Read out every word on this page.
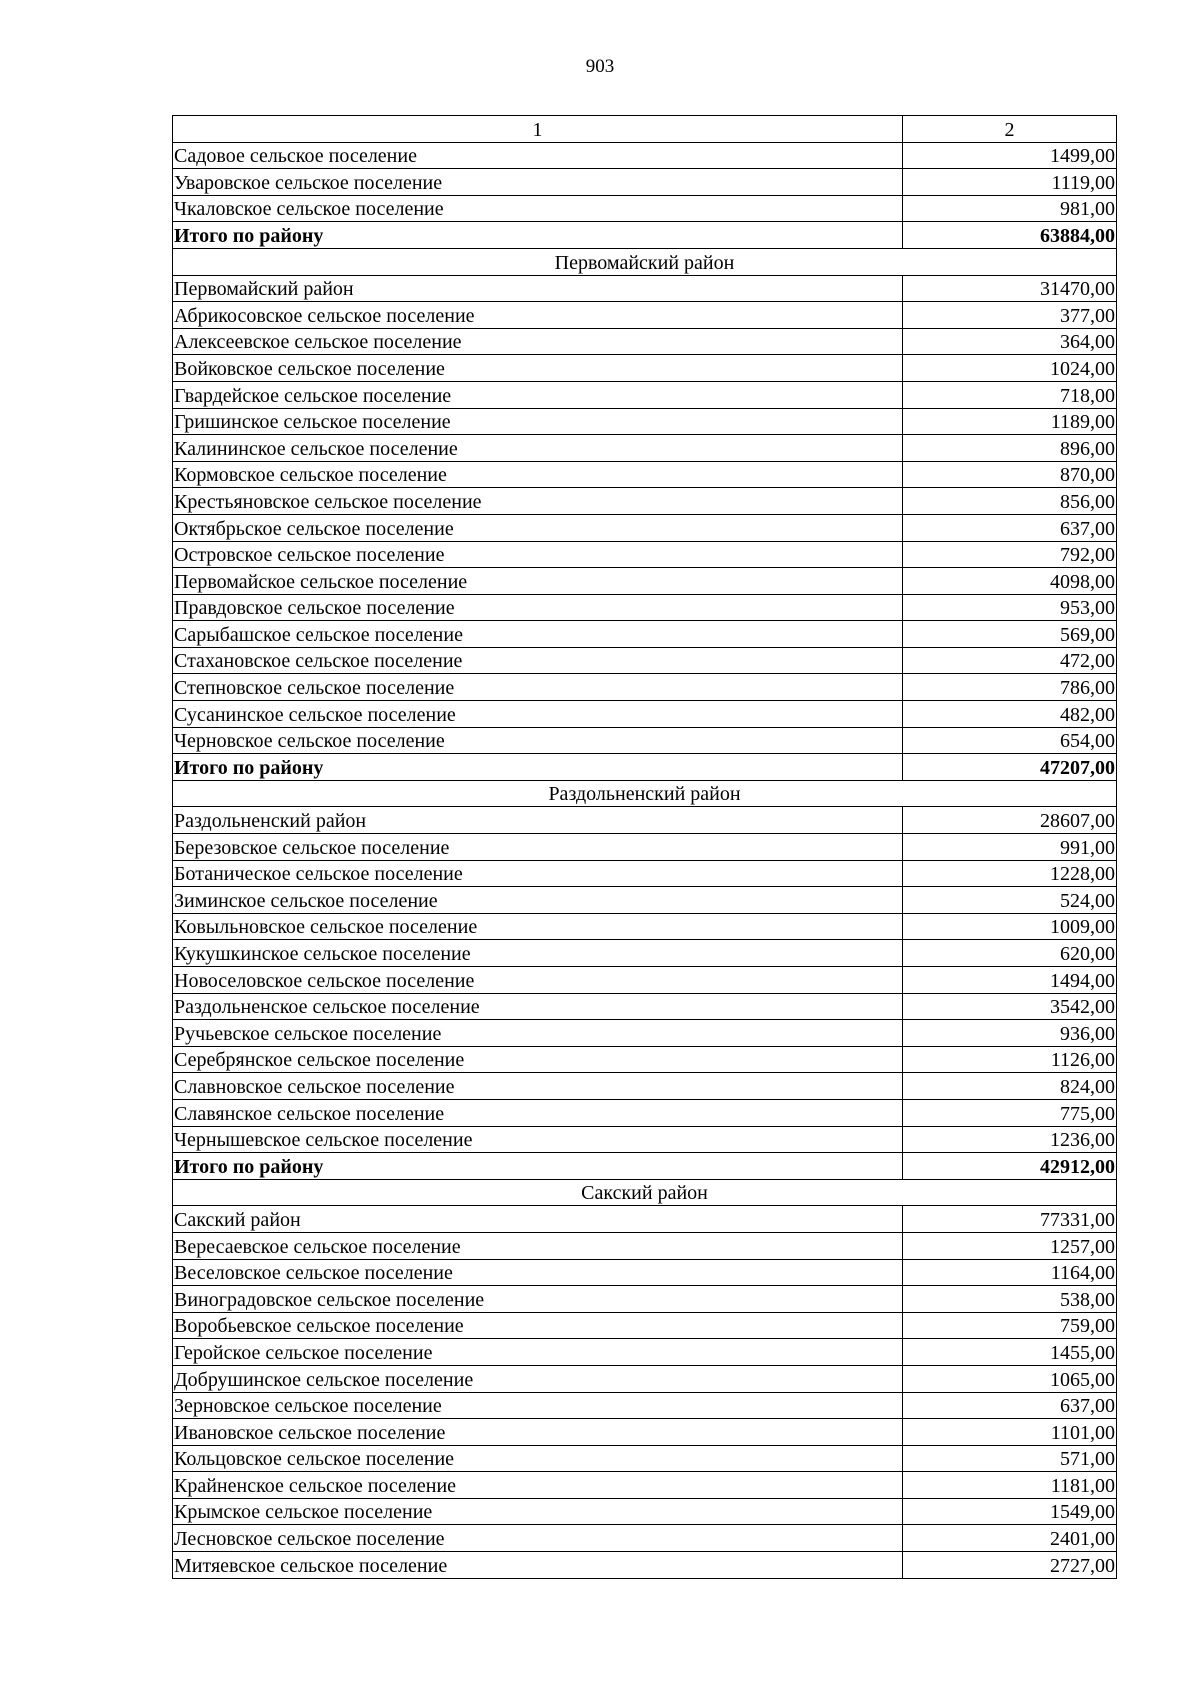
903
1	2
Садовое сельское поселение	1499,00
Уваровское сельское поселение	1119,00
Чкаловское сельское поселение	981,00
Итого по району	63884,00
Первомайский район	
Первомайский район	31470,00
Абрикосовское сельское поселение	377,00
Алексеевское сельское поселение	364,00
Войковское сельское поселение	1024,00
Гвардейское сельское поселение	718,00
Гришинское сельское поселение	1189,00
Калининское сельское поселение	896,00
Кормовское сельское поселение	870,00
Крестьяновское сельское поселение	856,00
Октябрьское сельское поселение	637,00
Островское сельское поселение	792,00
Первомайское сельское поселение	4098,00
Правдовское сельское поселение	953,00
Сарыбашское сельское поселение	569,00
Стахановское сельское поселение	472,00
Степновское сельское поселение	786,00
Сусанинское сельское поселение	482,00
Черновское сельское поселение	654,00
Итого по району	47207,00
Раздольненский район	
Раздольненский район	28607,00
Березовское сельское поселение	991,00
Ботаническое сельское поселение	1228,00
Зиминское сельское поселение	524,00
Ковыльновское сельское поселение	1009,00
Кукушкинское сельское поселение	620,00
Новоселовское сельское поселение	1494,00
Раздольненское сельское поселение	3542,00
Ручьевское сельское поселение	936,00
Серебрянское сельское поселение	1126,00
Славновское сельское поселение	824,00
Славянское сельское поселение	775,00
Чернышевское сельское поселение	1236,00
Итого по району	42912,00
Сакский район	
Сакский район	77331,00
Вересаевское сельское поселение	1257,00
Веселовское сельское поселение	1164,00
Виноградовское сельское поселение	538,00
Воробьевское сельское поселение	759,00
Геройское сельское поселение	1455,00
Добрушинское сельское поселение	1065,00
Зерновское сельское поселение	637,00
Ивановское сельское поселение	1101,00
Кольцовское сельское поселение	571,00
Крайненское сельское поселение	1181,00
Крымское сельское поселение	1549,00
Лесновское сельское поселение	2401,00
Митяевское сельское поселение	2727,00
